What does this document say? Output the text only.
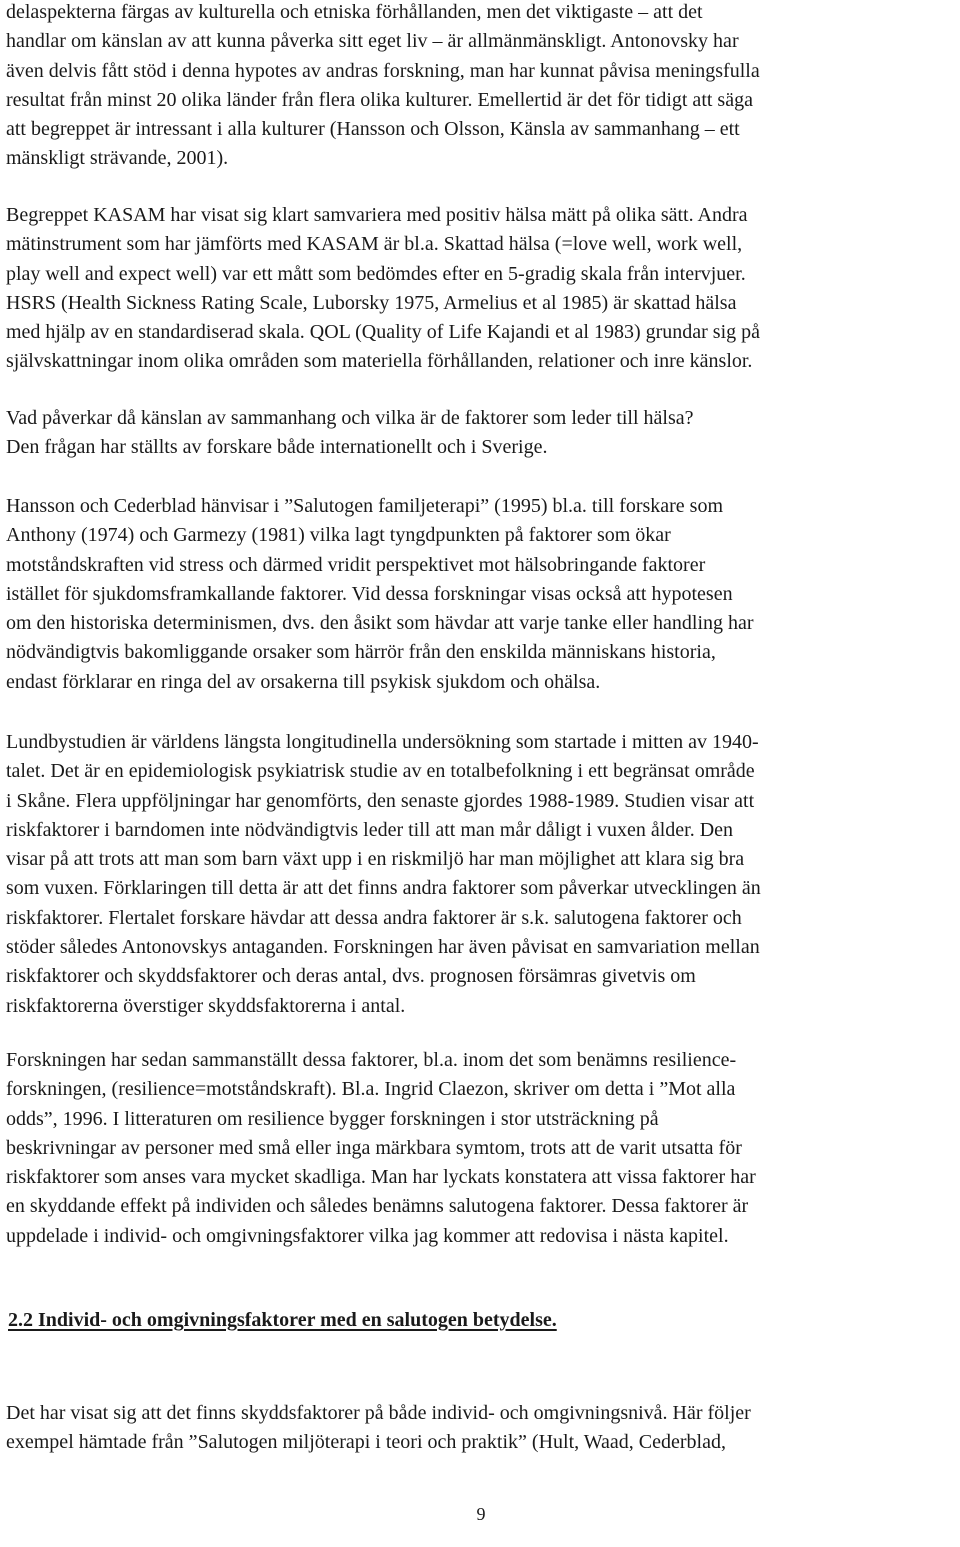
delaspekterna färgas av kulturella och etniska förhållanden, men det viktigaste – att det
handlar om känslan av att kunna påverka sitt eget liv – är allmänmänskligt. Antonovsky har
även delvis fått stöd i denna hypotes av andras forskning, man har kunnat påvisa meningsfulla
resultat från minst 20 olika länder från flera olika kulturer. Emellertid är det för tidigt att säga
att begreppet är intressant i alla kulturer (Hansson och Olsson, Känsla av sammanhang – ett
mänskligt strävande, 2001).
Begreppet KASAM har visat sig klart samvariera med positiv hälsa mätt på olika sätt. Andra
mätinstrument som har jämförts med KASAM är bl.a. Skattad hälsa (=love well, work well,
play well and expect well) var ett mått som bedömdes efter en 5-gradig skala från intervjuer.
HSRS (Health Sickness Rating Scale, Luborsky 1975, Armelius et al 1985) är skattad hälsa
med hjälp av en standardiserad skala. QOL (Quality of Life Kajandi et al 1983) grundar sig på
självskattningar inom olika områden som materiella förhållanden, relationer och inre känslor.
Vad påverkar då känslan av sammanhang och vilka är de faktorer som leder till hälsa?
Den frågan har ställts av forskare både internationellt och i Sverige.
Hansson och Cederblad hänvisar i ”Salutogen familjeterapi” (1995) bl.a. till forskare som
Anthony (1974) och Garmezy (1981) vilka lagt tyngdpunkten på faktorer som ökar
motståndskraften vid stress och därmed vridit perspektivet mot hälsobringande faktorer
istället för sjukdomsframkallande faktorer. Vid dessa forskningar visas också att hypotesen
om den historiska determinismen, dvs. den åsikt som hävdar att varje tanke eller handling har
nödvändigtvis bakomliggande orsaker som härrör från den enskilda människans historia,
endast förklarar en ringa del av orsakerna till psykisk sjukdom och ohälsa.
Lundbystudien är världens längsta longitudinella undersökning som startade i mitten av 1940-
talet. Det är en epidemiologisk psykiatrisk studie av en totalbefolkning i ett begränsat område
i Skåne. Flera uppföljningar har genomförts, den senaste gjordes 1988-1989. Studien visar att
riskfaktorer i barndomen inte nödvändigtvis leder till att man mår dåligt i vuxen ålder. Den
visar på att trots att man som barn växt upp i en riskmiljö har man möjlighet att klara sig bra
som vuxen. Förklaringen till detta är att det finns andra faktorer som påverkar utvecklingen än
riskfaktorer. Flertalet forskare hävdar att dessa andra faktorer är s.k. salutogena faktorer och
stöder således Antonovskys antaganden. Forskningen har även påvisat en samvariation mellan
riskfaktorer och skyddsfaktorer och deras antal, dvs. prognosen försämras givetvis om
riskfaktorerna överstiger skyddsfaktorerna i antal.
Forskningen har sedan sammanställt dessa faktorer, bl.a. inom det som benämns resilience-
forskningen, (resilience=motståndskraft). Bl.a. Ingrid Claezon, skriver om detta i ”Mot alla
odds”, 1996. I litteraturen om resilience bygger forskningen i stor utsträckning på
beskrivningar av personer med små eller inga märkbara symtom, trots att de varit utsatta för
riskfaktorer som anses vara mycket skadliga. Man har lyckats konstatera att vissa faktorer har
en skyddande effekt på individen och således benämns salutogena faktorer. Dessa faktorer är
uppdelade i individ- och omgivningsfaktorer vilka jag kommer att redovisa i nästa kapitel.
2.2 Individ- och omgivningsfaktorer med en salutogen betydelse.
Det har visat sig att det finns skyddsfaktorer på både individ- och omgivningsnivå. Här följer
exempel hämtade från ”Salutogen miljöterapi i teori och praktik” (Hult, Waad, Cederblad,
9
